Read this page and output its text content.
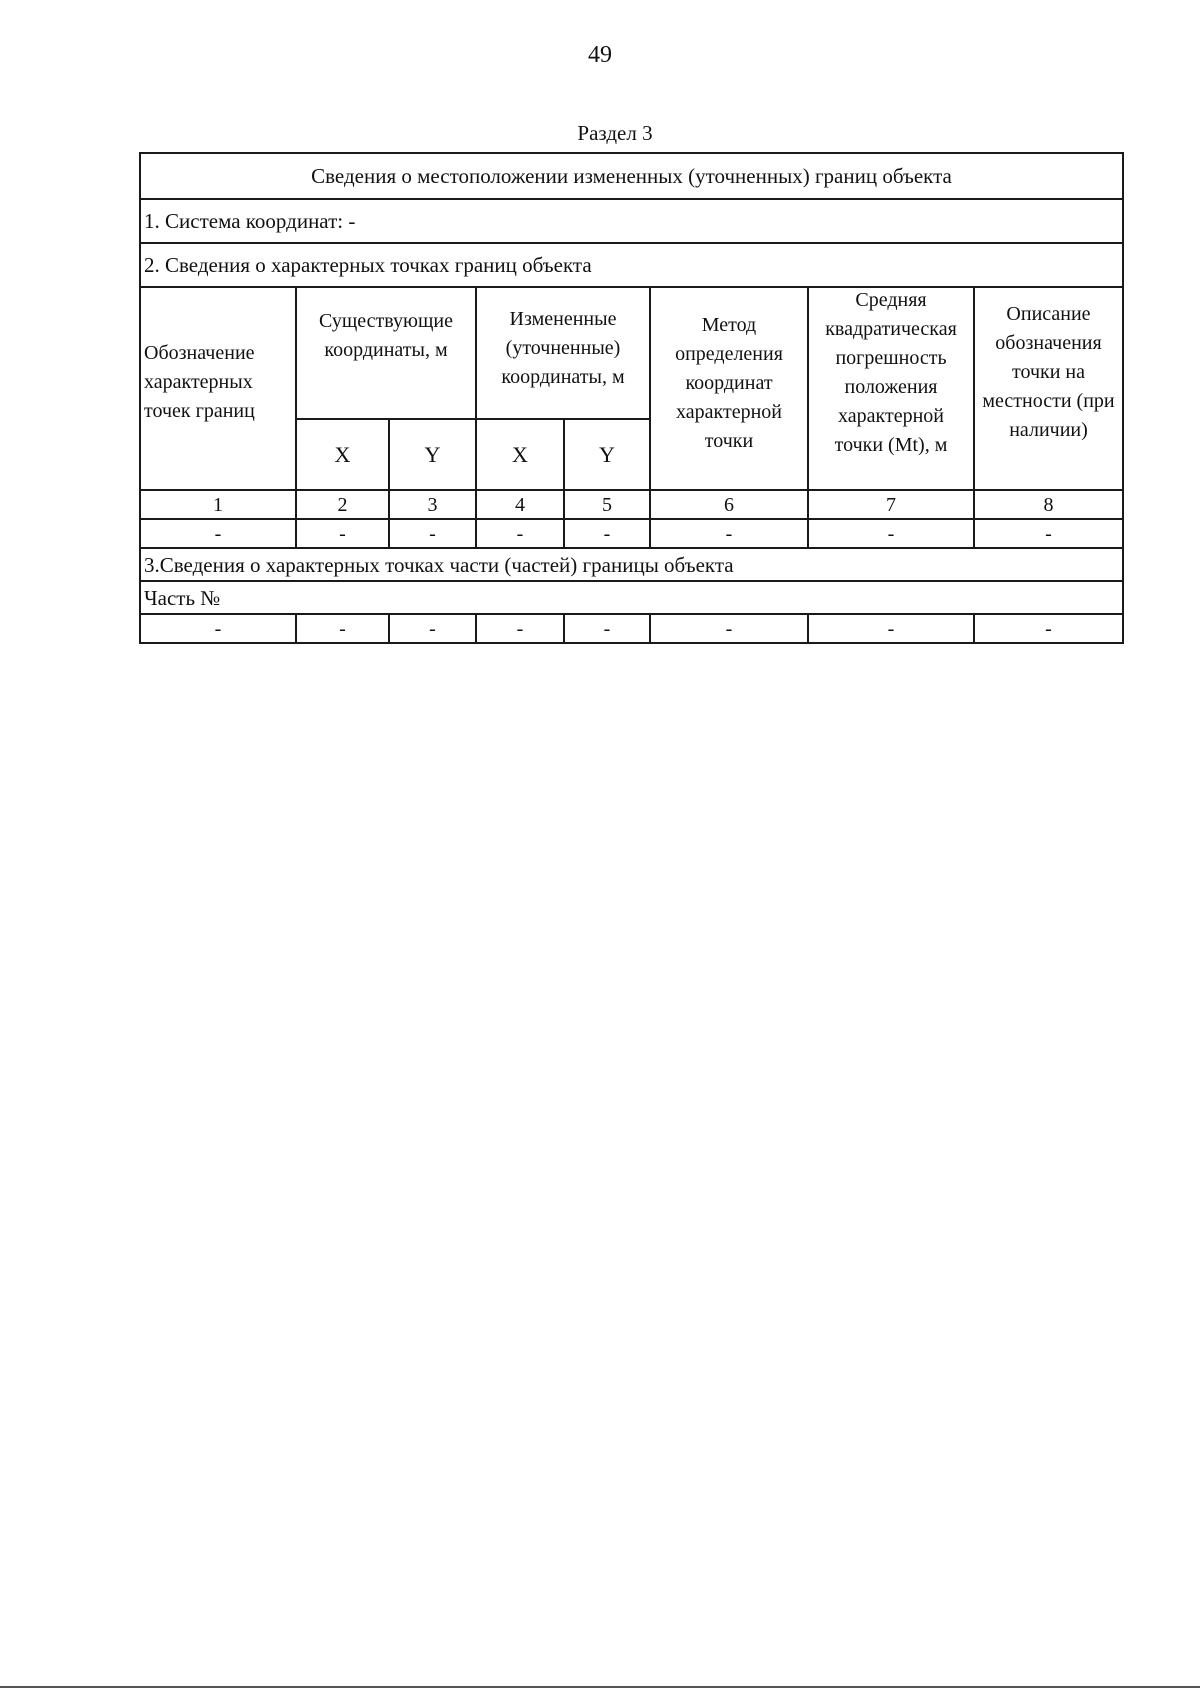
49
Раздел 3
Сведения о местоположении измененных (уточненных) границ объекта							
1. Система координат: -							
2. Сведения о характерных точках границ объекта							

Обозначение характерных точек границ	Существующие координаты, м		Измененные (уточненные) координаты, м		Метод определения координат характерной точки	Средняя квадратическая погрешность положения характерной точки (Mt), м	Описание обозначения точки на местности (при наличии)

	X	Y	X	Y			
1	2	3	4	5	6	7	8
-	-	-	-	-	-	-	-
3.Сведения о характерных точках части (частей) границы объекта							
Часть №							
-	-	-	-	-	-	-	-
